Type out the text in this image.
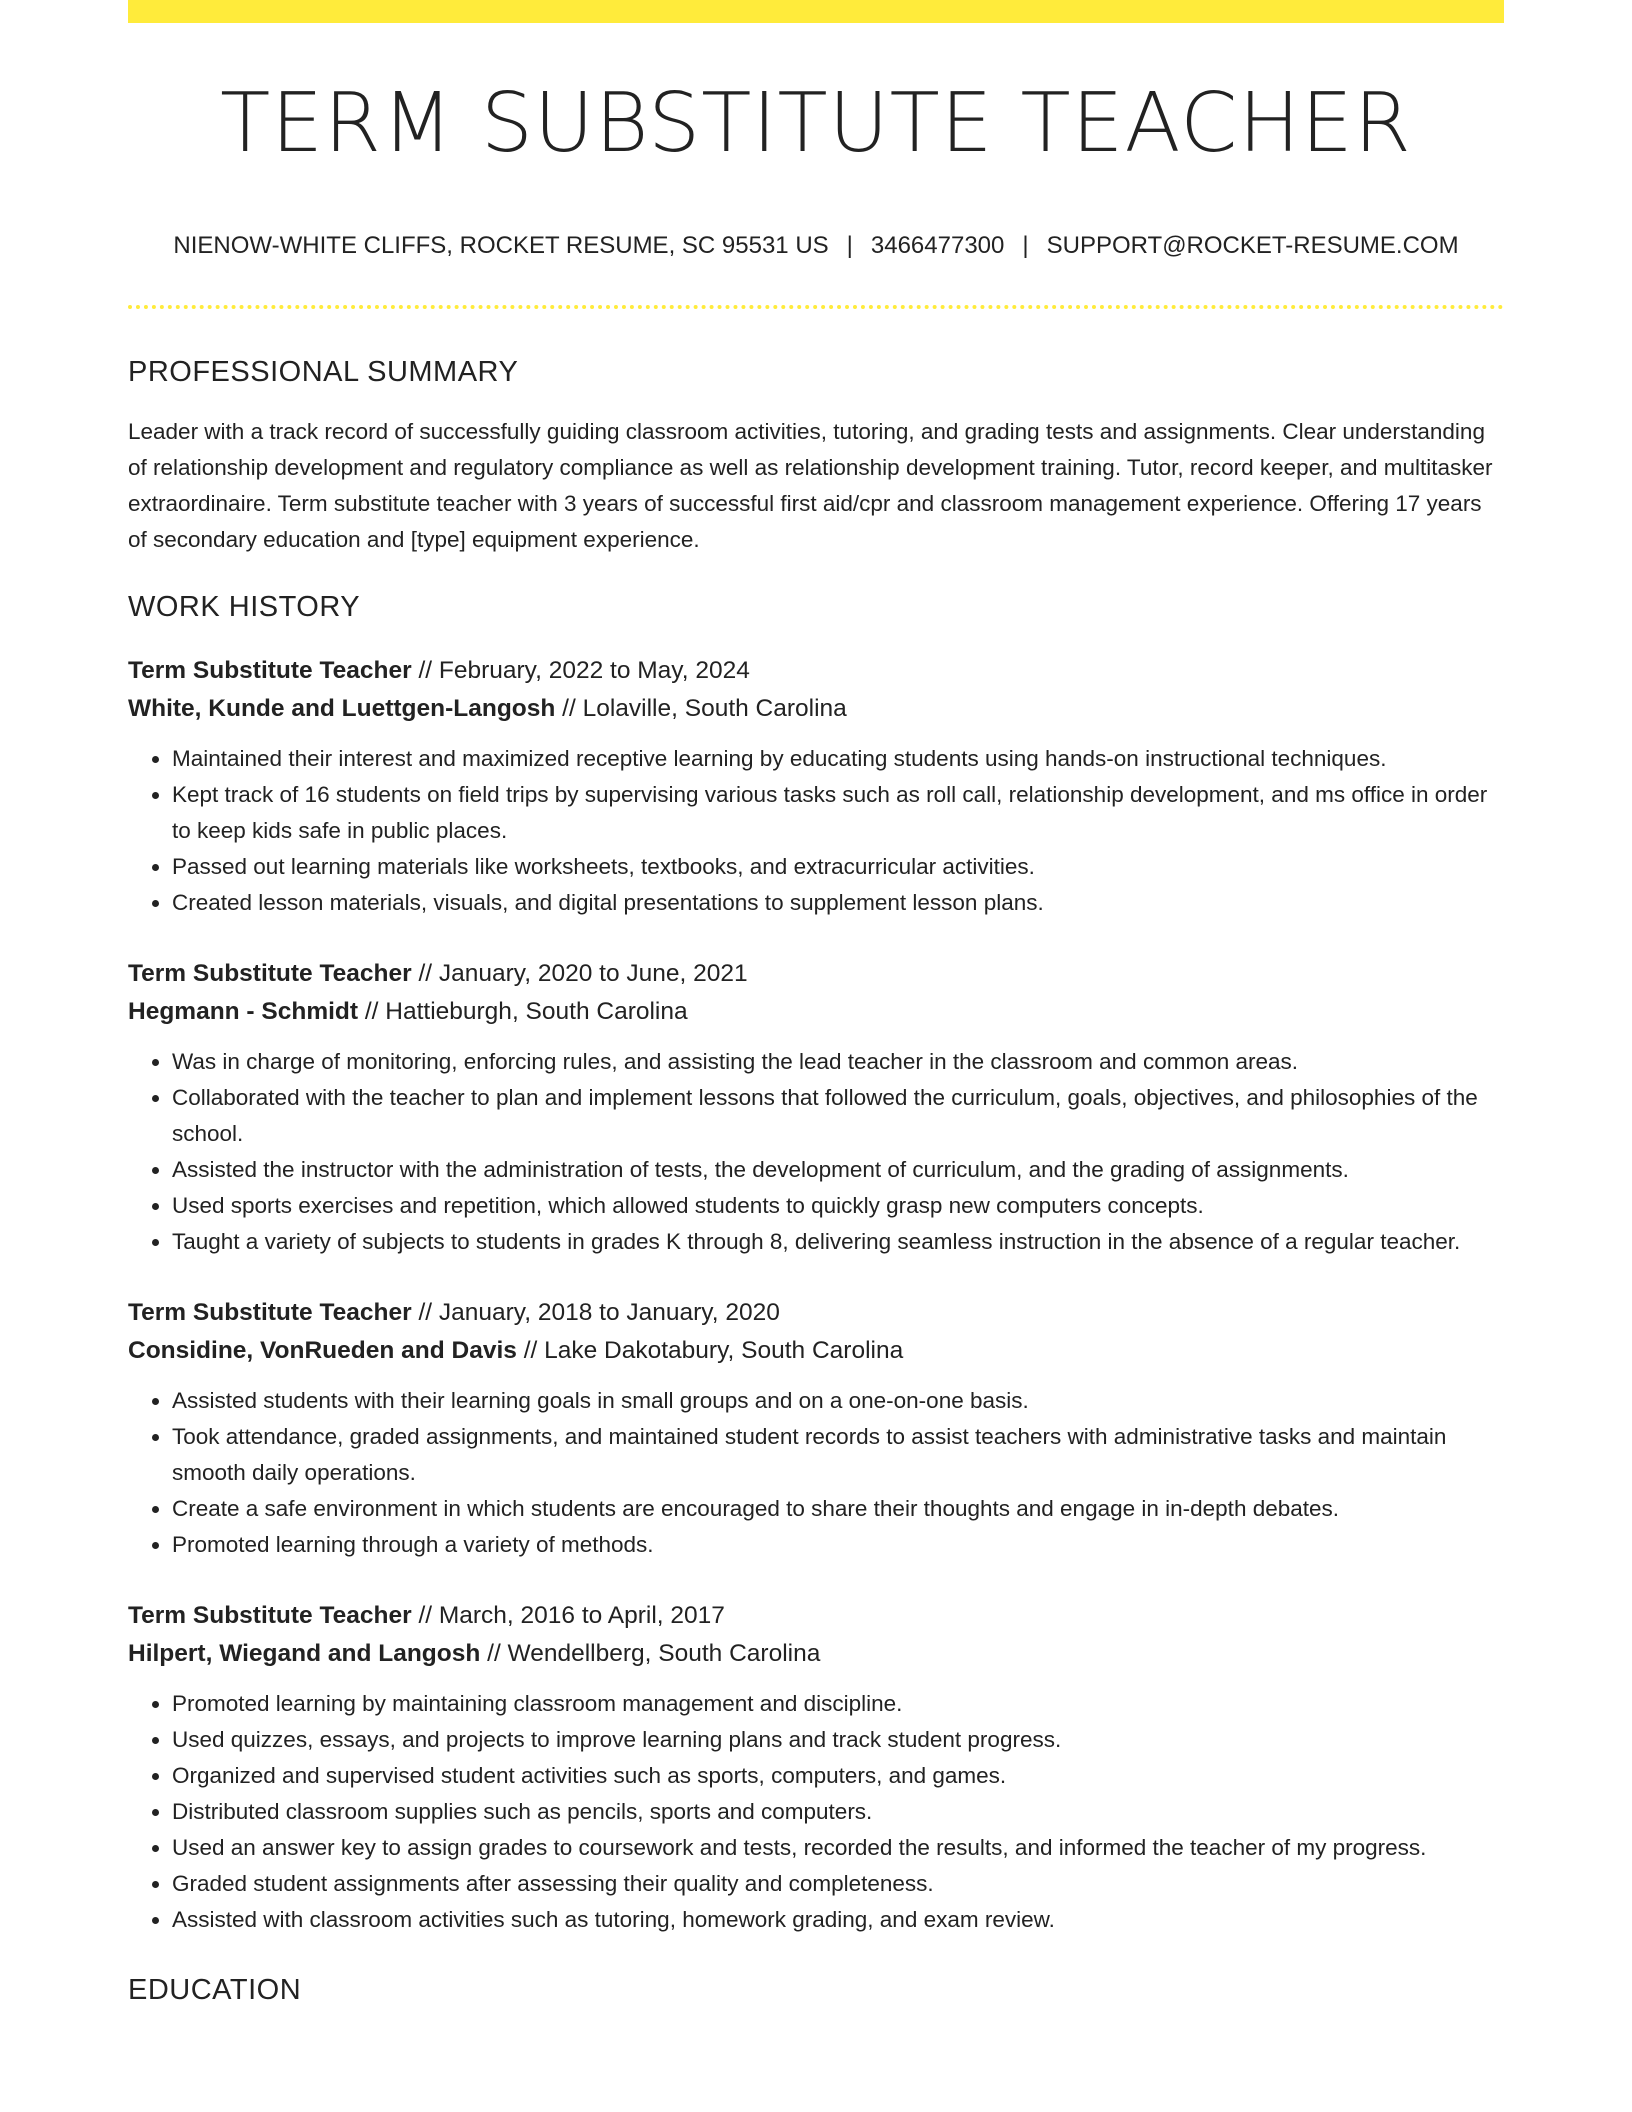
TERM SUBSTITUTE TEACHER
NIENOW-WHITE CLIFFS, ROCKET RESUME, SC 95531 US | 3466477300 | SUPPORT@ROCKET-RESUME.COM
PROFESSIONAL SUMMARY

Leader with a track record of successfully guiding classroom activities, tutoring, and grading tests and assignments. Clear understanding of relationship development and regulatory compliance as well as relationship development training. Tutor, record keeper, and multitasker extraordinaire. Term substitute teacher with 3 years of successful first aid/cpr and classroom management experience. Offering 17 years of secondary education and [type] equipment experience.

WORK HISTORY
Term Substitute Teacher // February, 2022 to May, 2024
White, Kunde and Luettgen-Langosh // Lolaville, South Carolina
• Maintained their interest and maximized receptive learning by educating students using hands-on instructional techniques.
• Kept track of 16 students on field trips by supervising various tasks such as roll call, relationship development, and ms office in order to keep kids safe in public places.
• Passed out learning materials like worksheets, textbooks, and extracurricular activities.
• Created lesson materials, visuals, and digital presentations to supplement lesson plans.
Term Substitute Teacher // January, 2020 to June, 2021
Hegmann - Schmidt // Hattieburgh, South Carolina
• Was in charge of monitoring, enforcing rules, and assisting the lead teacher in the classroom and common areas.
• Collaborated with the teacher to plan and implement lessons that followed the curriculum, goals, objectives, and philosophies of the school.
• Assisted the instructor with the administration of tests, the development of curriculum, and the grading of assignments.
• Used sports exercises and repetition, which allowed students to quickly grasp new computers concepts.
• Taught a variety of subjects to students in grades K through 8, delivering seamless instruction in the absence of a regular teacher.
Term Substitute Teacher // January, 2018 to January, 2020
Considine, VonRueden and Davis // Lake Dakotabury, South Carolina
• Assisted students with their learning goals in small groups and on a one-on-one basis.
• Took attendance, graded assignments, and maintained student records to assist teachers with administrative tasks and maintain smooth daily operations.
• Create a safe environment in which students are encouraged to share their thoughts and engage in in-depth debates.
• Promoted learning through a variety of methods.
Term Substitute Teacher // March, 2016 to April, 2017
Hilpert, Wiegand and Langosh // Wendellberg, South Carolina
• Promoted learning by maintaining classroom management and discipline.
• Used quizzes, essays, and projects to improve learning plans and track student progress.
• Organized and supervised student activities such as sports, computers, and games.
• Distributed classroom supplies such as pencils, sports and computers.
• Used an answer key to assign grades to coursework and tests, recorded the results, and informed the teacher of my progress.
• Graded student assignments after assessing their quality and completeness.
• Assisted with classroom activities such as tutoring, homework grading, and exam review.
EDUCATION
